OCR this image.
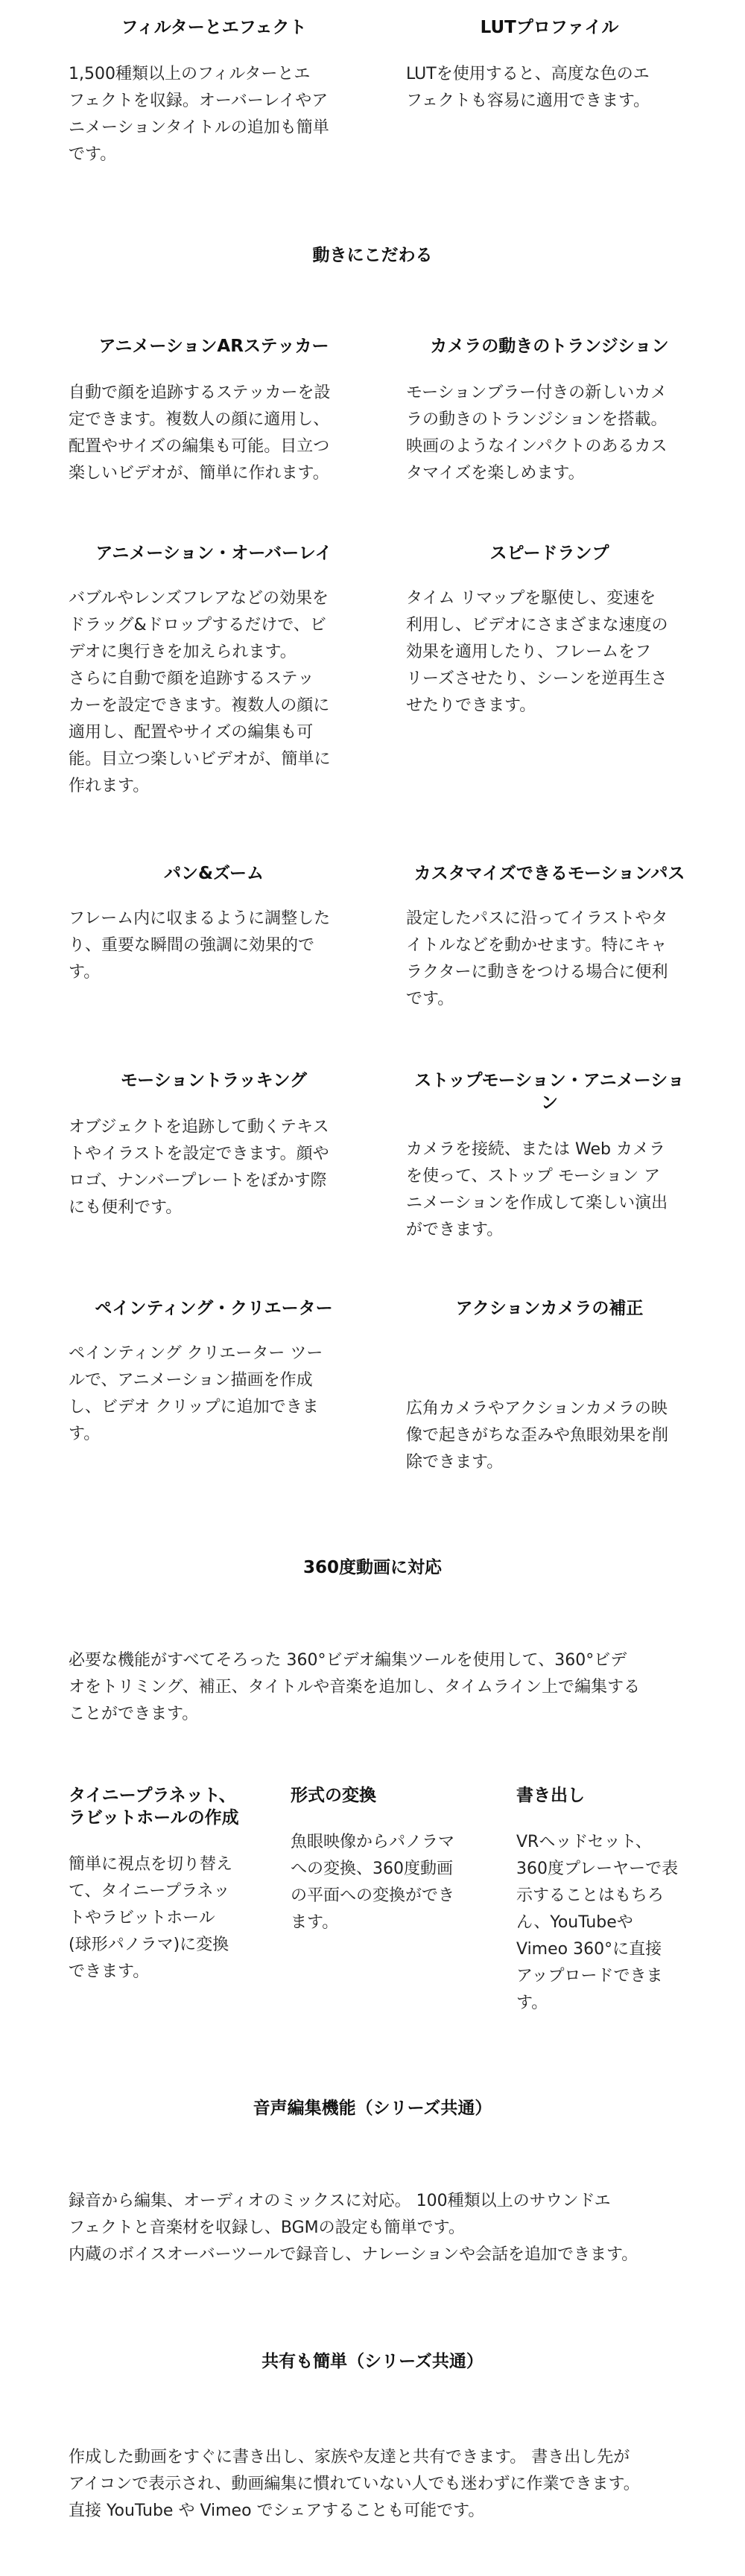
フィルターとエフェクト
1,500種類以上のフィルターとエ
フェクトを収録。オーバーレイやア
ニメーションタイトルの追加も簡単
です。
LUTプロファイル
LUTを使用すると、高度な色のエ
フェクトも容易に適用できます。
動きにこだわる
アニメーションARステッカー
自動で顔を追跡するステッカーを設
定できます。複数人の顔に適用し、
配置やサイズの編集も可能。目立つ
楽しいビデオが、簡単に作れます。
カメラの動きのトランジション
モーションブラー付きの新しいカメ
ラの動きのトランジションを搭載。
映画のようなインパクトのあるカス
タマイズを楽しめます。
アニメーション・オーバーレイ
バブルやレンズフレアなどの効果を
ドラッグ&ドロップするだけで、ビ
デオに奥行きを加えられます。
さらに自動で顔を追跡するステッ
カーを設定できます。複数人の顔に
適用し、配置やサイズの編集も可
能。目立つ楽しいビデオが、簡単に
作れます。
スピードランプ
タイム リマップを駆使し、変速を
利用し、ビデオにさまざまな速度の
効果を適用したり、フレームをフ
リーズさせたり、シーンを逆再生さ
せたりできます。
パン&ズーム
フレーム内に収まるように調整した
り、重要な瞬間の強調に効果的で
す。
カスタマイズできるモーションパス
設定したパスに沿ってイラストやタ
イトルなどを動かせます。特にキャ
ラクターに動きをつける場合に便利
です。
モーショントラッキング
オブジェクトを追跡して動くテキス
トやイラストを設定できます。顔や
ロゴ、ナンバープレートをぼかす際
にも便利です。
ストップモーション・アニメーショ
ン
カメラを接続、または Web カメラ
を使って、ストップ モーション ア
ニメーションを作成して楽しい演出
ができます。
ペインティング・クリエーター
ペインティング クリエーター ツー
ルで、アニメーション描画を作成
し、ビデオ クリップに追加できま
す。
アクションカメラの補正
広角カメラやアクションカメラの映
像で起きがちな歪みや魚眼効果を削
除できます。
360度動画に対応
必要な機能がすべてそろった 360°ビデオ編集ツールを使用して、360°ビデ
オをトリミング、補正、タイトルや音楽を追加し、タイムライン上で編集する
ことができます。
タイニープラネット、
ラビットホールの作成
簡単に視点を切り替え
て、タイニープラネッ
トやラビットホール
(球形パノラマ)に変換
できます。
形式の変換
魚眼映像からパノラマ
への変換、360度動画
の平面への変換ができ
ます。
書き出し
VRヘッドセット、
360度プレーヤーで表
示することはもちろ
ん、YouTubeや
Vimeo 360°に直接
アップロードできま
す。
音声編集機能（シリーズ共通）
録音から編集、オーディオのミックスに対応。 100種類以上のサウンドエ
フェクトと音楽材を収録し、BGMの設定も簡単です。
内蔵のボイスオーバーツールで録音し、ナレーションや会話を追加できます。
共有も簡単（シリーズ共通）
作成した動画をすぐに書き出し、家族や友達と共有できます。 書き出し先が
アイコンで表示され、動画編集に慣れていない人でも迷わずに作業できます。
直接 YouTube や Vimeo でシェアすることも可能です。
